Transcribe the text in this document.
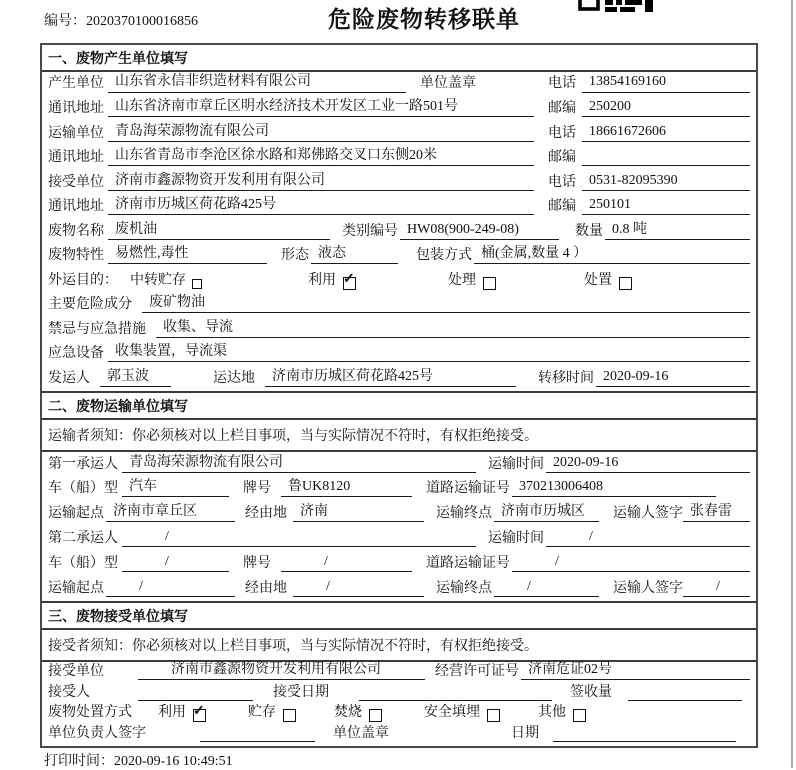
编号：2020370100016856	危险废物转移联单
一、废物产生单位填写
产生单位 山东省永信非织造材料有限公司	单位盖章	电话 13854169160
通讯地址 山东省济南市章丘区明水经济技术开发区工业一路501号	邮编 250200
运输单位 青岛海荣源物流有限公司	电话 18661672606
通讯地址 山东省青岛市李沧区徐水路和郑佛路交叉口东侧20米	邮编
接受单位 济南市鑫源物资开发利用有限公司	电话 0531-82095390
通讯地址 济南市历城区荷花路425号	邮编 250101
废物名称 废机油	类别编号 HW08(900-249-08)	数量 0.8 吨
废物特性 易燃性,毒性	形态 液态	包装方式 桶(金属,数量 4 ）
外运目的： 中转贮存	利用 ✓	处理	处置
主要危险成分	废矿物油
禁忌与应急措施	收集、导流
应急设备 收集装置，导流渠
发运人	郭玉波	运达地	济南市历城区荷花路425号	转移时间 2020-09-16
二、废物运输单位填写
运输者须知：你必须核对以上栏目事项，当与实际情况不符时，有权拒绝接受。
第一承运人 青岛海荣源物流有限公司	运输时间 2020-09-16
车（船）型 汽车	牌号	鲁UK8120	道路运输证号 370213006408
运输起点 济南市章丘区	经由地 济南	运输终点 济南市历城区	运输人签字 张春雷
第二承运人	/	运输时间	/
车（船）型	/	牌号	/	道路运输证号	/
运输起点	/	经由地	/	运输终点	/	运输人签字	/
三、废物接受单位填写
接受者须知：你必须核对以上栏目事项，当与实际情况不符时，有权拒绝接受。
接受单位	济南市鑫源物资开发利用有限公司	经营许可证号 济南危证02号
接受人	接受日期	签收量
废物处置方式 利用 ✓	贮存	焚烧	安全填埋	其他
单位负责人签字	单位盖章	日期
打印时间：2020-09-16 10:49:51
